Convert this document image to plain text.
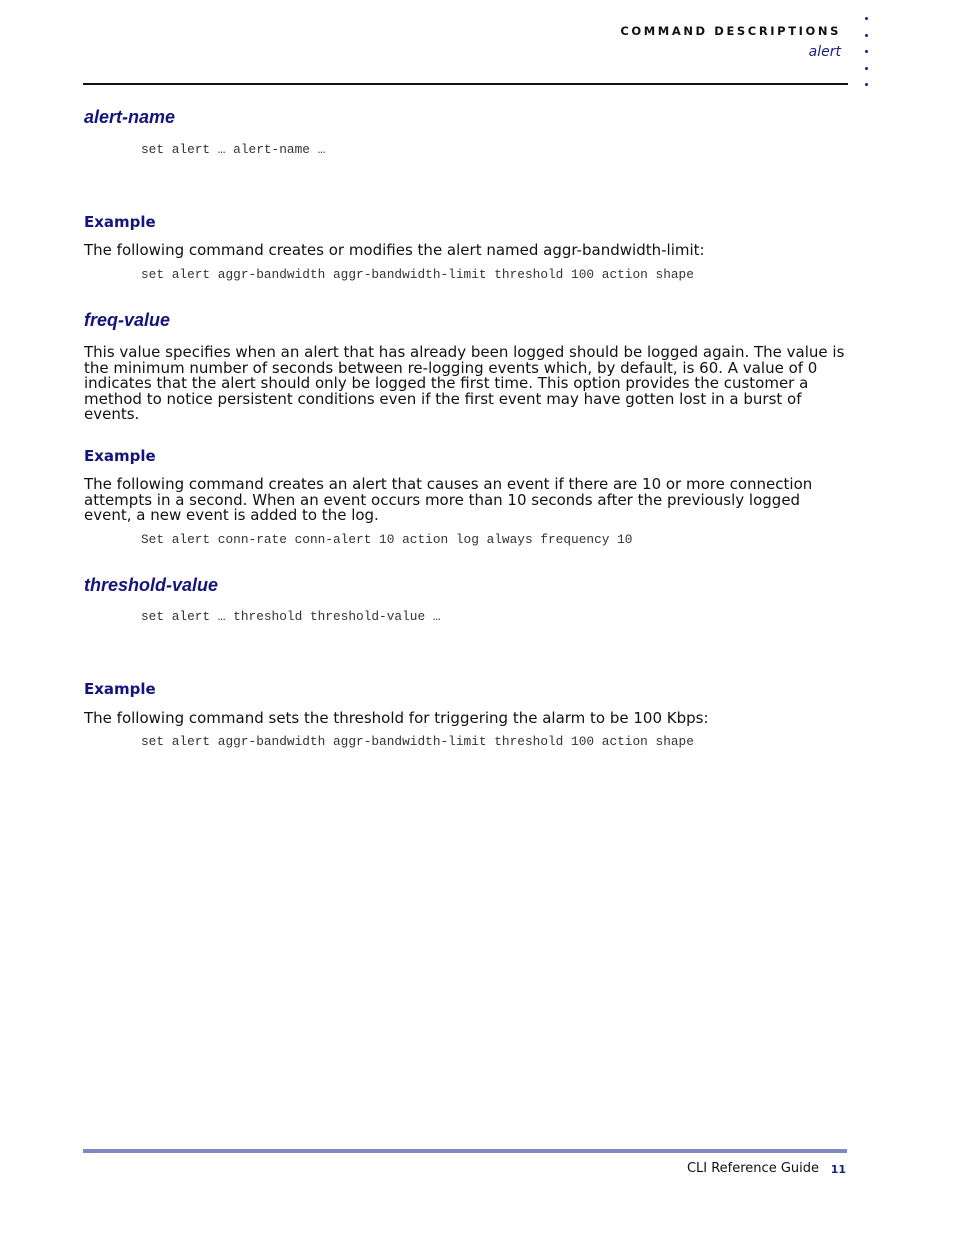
COMMAND DESCRIPTIONS
alert
alert-name
set alert … alert-name …
Example

The following command creates or modifies the alert named aggr-bandwidth-limit:

set alert aggr-bandwidth aggr-bandwidth-limit threshold 100 action shape
freq-value

This value specifies when an alert that has already been logged should be logged again. The value is the minimum number of seconds between re-logging events which, by default, is 60. A value of 0 indicates that the alert should only be logged the first time. This option provides the customer a method to notice persistent conditions even if the first event may have gotten lost in a burst of events.

Example

The following command creates an alert that causes an event if there are 10 or more connection attempts in a second. When an event occurs more than 10 seconds after the previously logged event, a new event is added to the log.

Set alert conn-rate conn-alert 10 action log always frequency 10
threshold-value
set alert … threshold threshold-value …
Example

The following command sets the threshold for triggering the alarm to be 100 Kbps:

set alert aggr-bandwidth aggr-bandwidth-limit threshold 100 action shape
CLI Reference Guide 11
